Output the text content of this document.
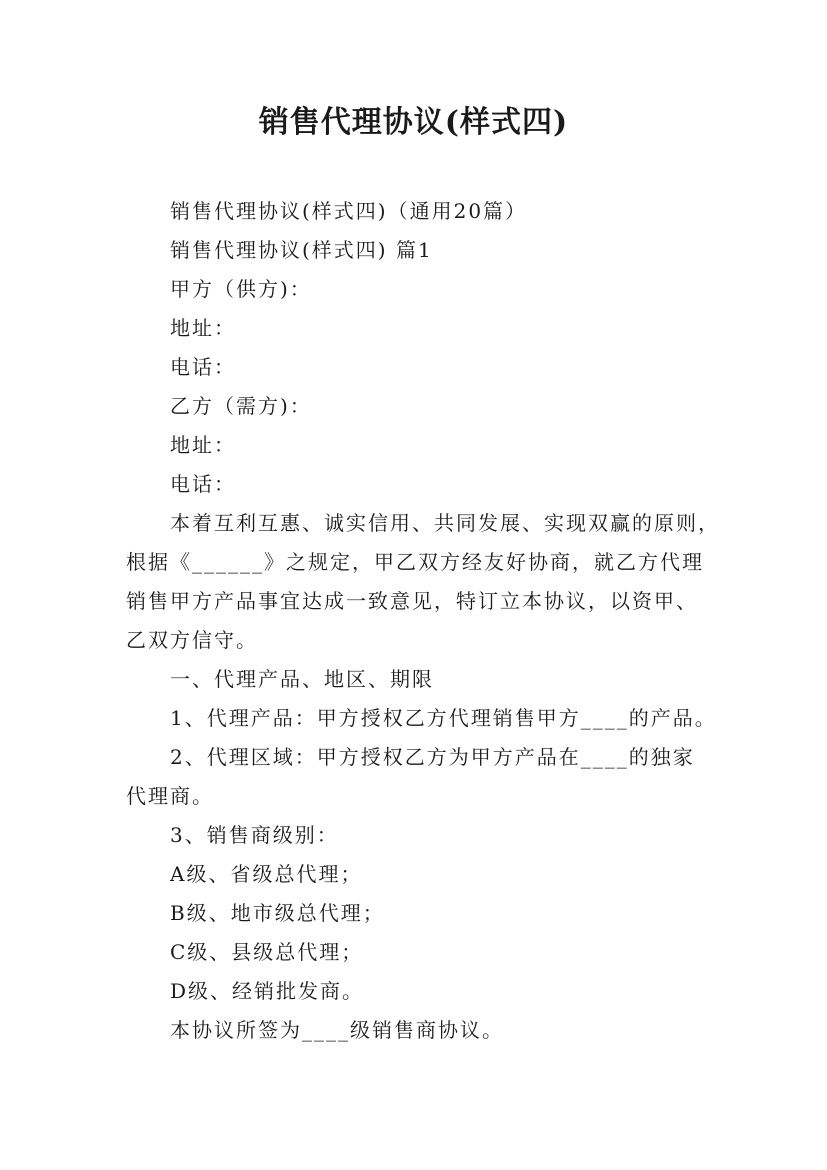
销售代理协议(样式四)

销售代理协议(样式四)（通用20篇）

销售代理协议(样式四) 篇1

甲方（供方)：

地址：

电话：

乙方（需方)：

地址：

电话：

本着互利互惠、诚实信用、共同发展、实现双赢的原则，

根据《______》之规定，甲乙双方经友好协商，就乙方代理

销售甲方产品事宜达成一致意见，特订立本协议，以资甲、

乙双方信守。

一、代理产品、地区、期限

1、代理产品：甲方授权乙方代理销售甲方____的产品。

2、代理区域：甲方授权乙方为甲方产品在____的独家

代理商。

3、销售商级别：

A级、省级总代理；

B级、地市级总代理；

C级、县级总代理；

D级、经销批发商。

本协议所签为____级销售商协议。
